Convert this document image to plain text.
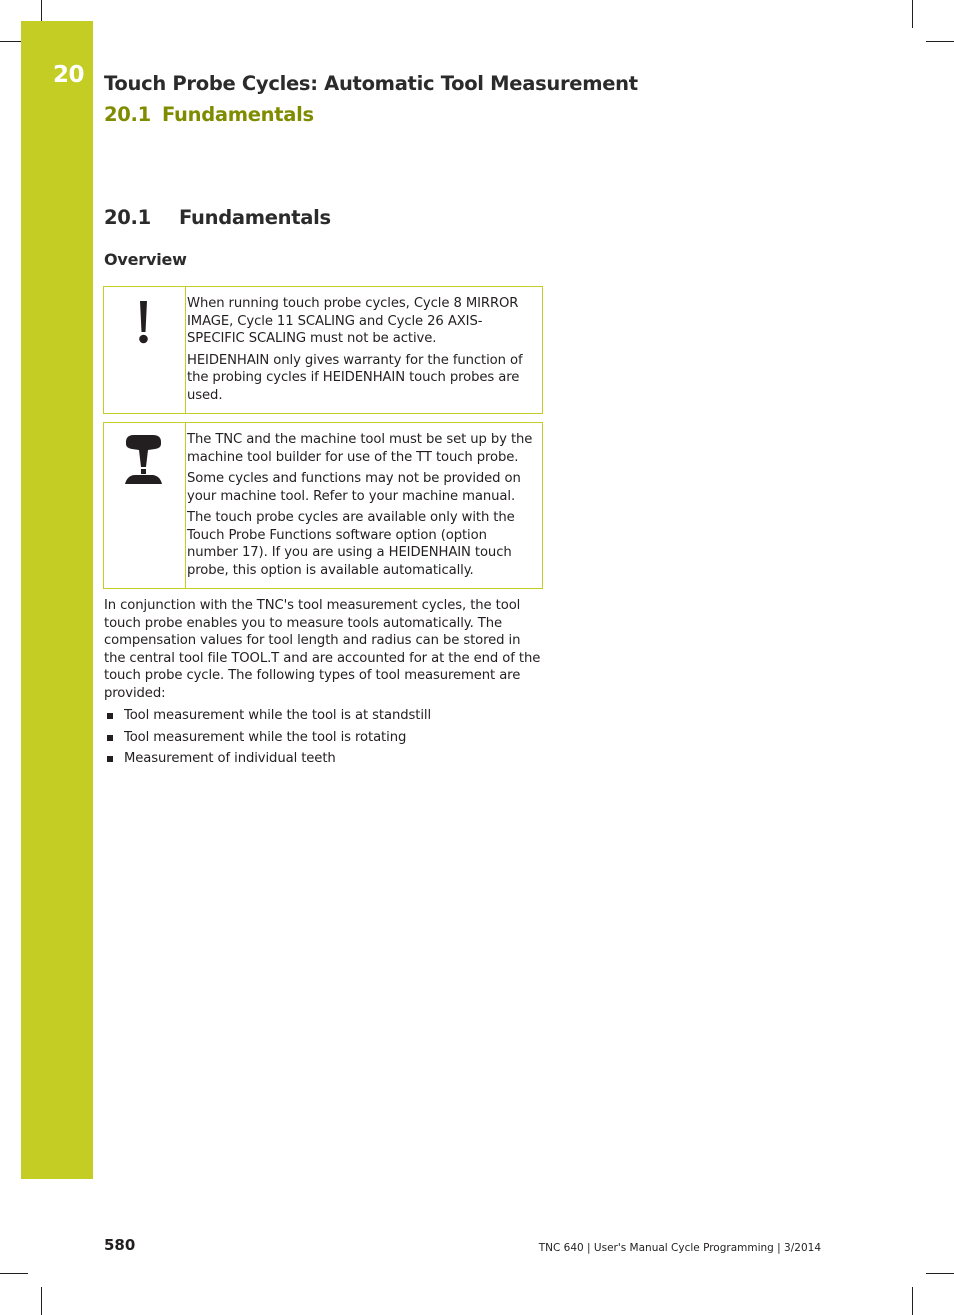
20 Touch Probe Cycles: Automatic Tool Measurement
20.1 Fundamentals
20.1 Fundamentals
Overview

When running touch probe cycles, Cycle 8 MIRROR IMAGE, Cycle 11 SCALING and Cycle 26 AXIS-SPECIFIC SCALING must not be active.

HEIDENHAIN only gives warranty for the function of the probing cycles if HEIDENHAIN touch probes are used.

The TNC and the machine tool must be set up by the machine tool builder for use of the TT touch probe.

Some cycles and functions may not be provided on your machine tool. Refer to your machine manual.

The touch probe cycles are available only with the Touch Probe Functions software option (option number 17). If you are using a HEIDENHAIN touch probe, this option is available automatically.

In conjunction with the TNC's tool measurement cycles, the tool touch probe enables you to measure tools automatically. The compensation values for tool length and radius can be stored in the central tool file TOOL.T and are accounted for at the end of the touch probe cycle. The following types of tool measurement are provided:

Tool measurement while the tool is at standstill
Tool measurement while the tool is rotating
Measurement of individual teeth
580	TNC 640 | User's Manual Cycle Programming | 3/2014
